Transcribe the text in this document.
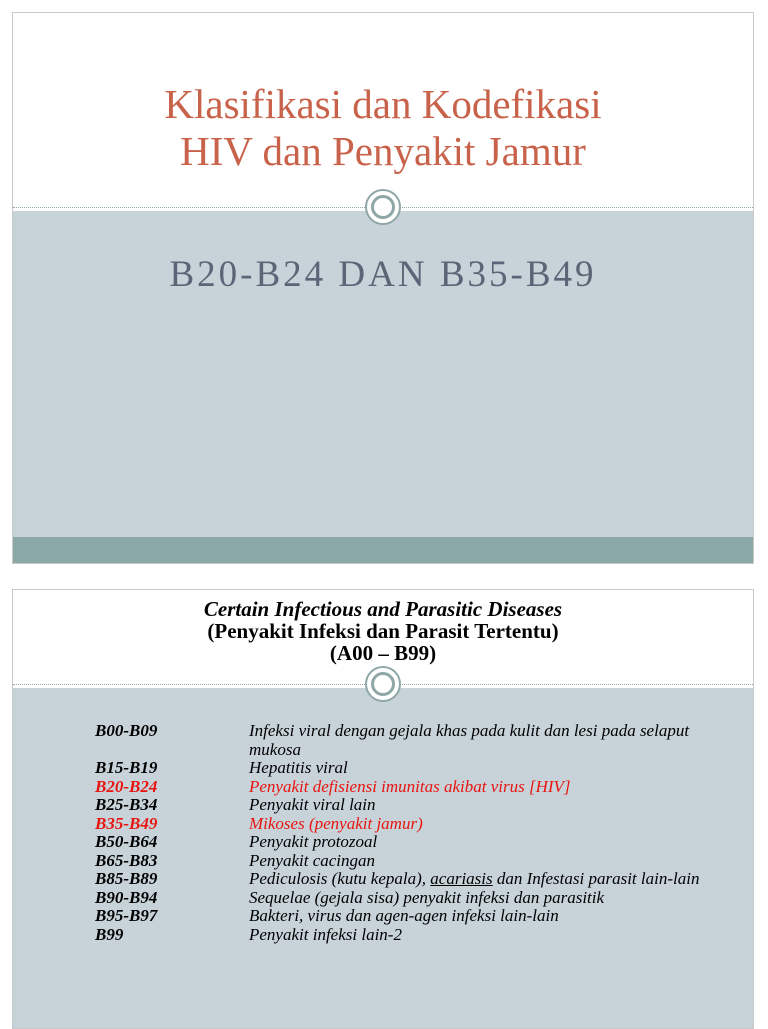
Klasifikasi dan Kodefikasi
HIV dan Penyakit Jamur
B20-B24 DAN B35-B49
Certain Infectious and Parasitic Diseases
(Penyakit Infeksi dan Parasit Tertentu)
(A00 – B99)
B00-B09	Infeksi viral dengan gejala khas pada kulit dan lesi pada selaput mukosa
B15-B19	Hepatitis viral
B20-B24	Penyakit defisiensi imunitas akibat virus [HIV]
B25-B34	Penyakit viral lain
B35-B49	Mikoses (penyakit jamur)
B50-B64	Penyakit protozoal
B65-B83	Penyakit cacingan
B85-B89	Pediculosis (kutu kepala), acariasis dan Infestasi parasit lain-lain
B90-B94	Sequelae (gejala sisa) penyakit infeksi dan parasitik
B95-B97	Bakteri, virus dan agen-agen infeksi lain-lain
B99	Penyakit infeksi lain-2
